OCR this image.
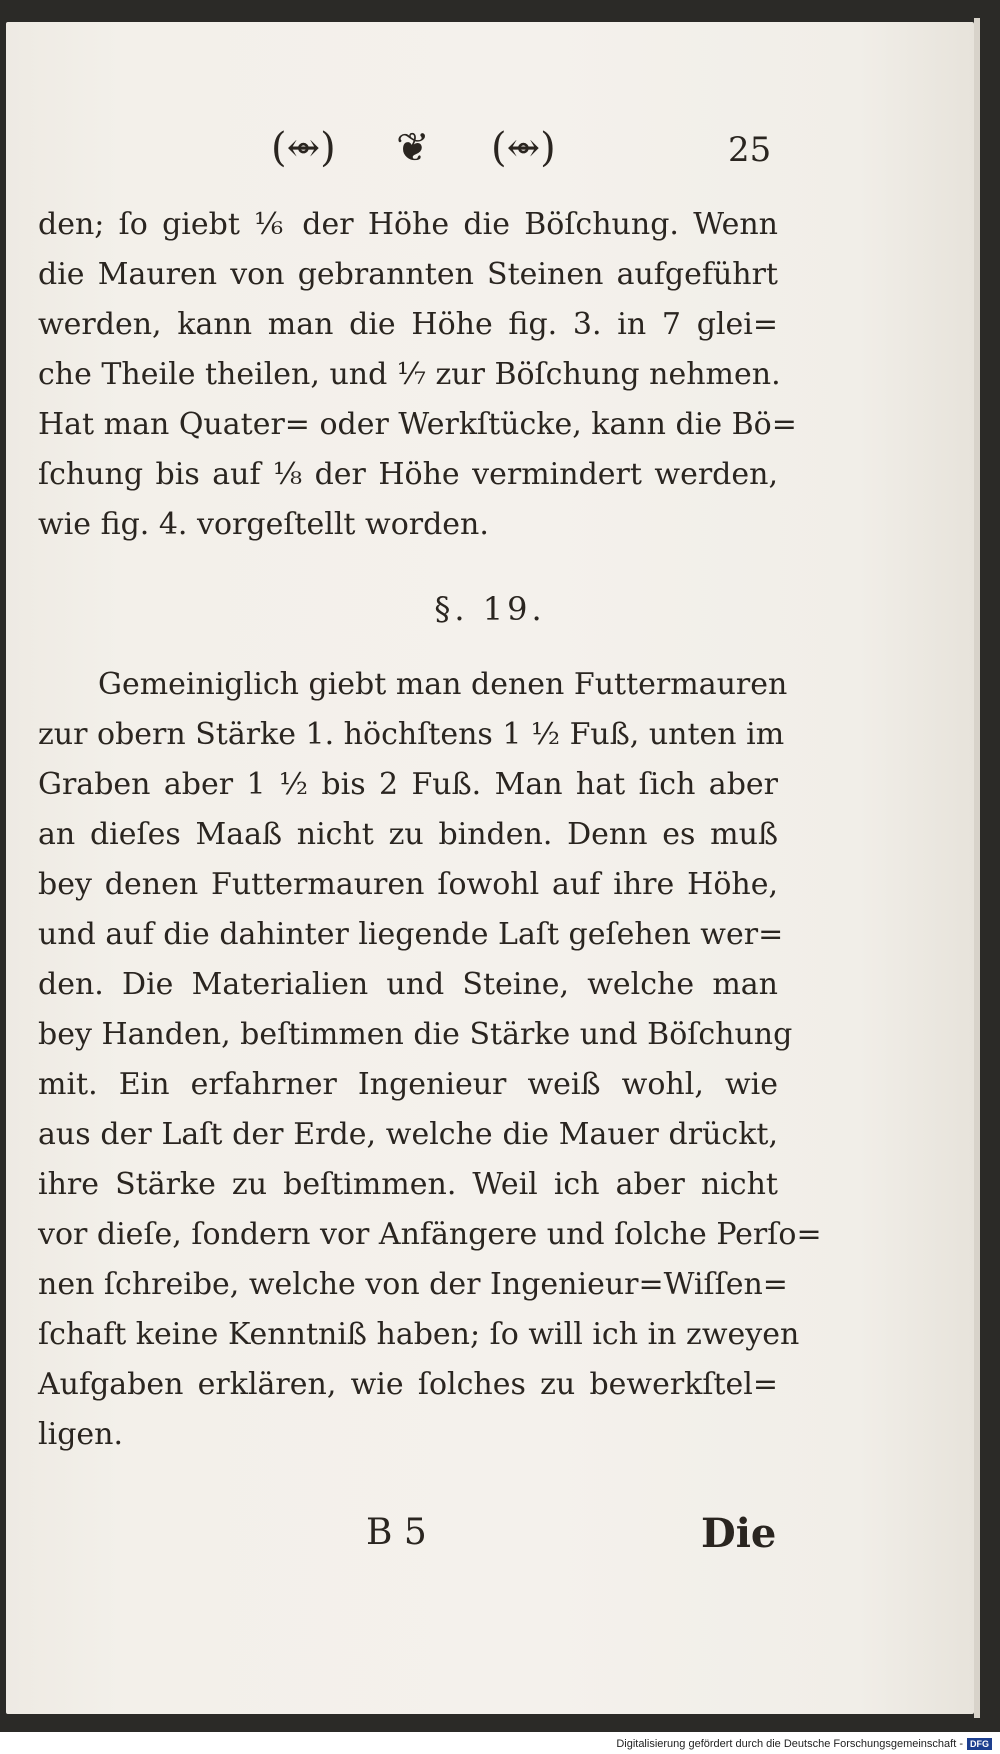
(⥈) ❦ (⥈)	25
den; ſo giebt ⅙ der Höhe die Böſchung. Wenn
die Mauren von gebrannten Steinen aufgeführt
werden, kann man die Höhe fig. 3. in 7 glei=
che Theile theilen, und ⅐ zur Böſchung nehmen.
Hat man Quater= oder Werkſtücke, kann die Bö=
ſchung bis auf ⅛ der Höhe vermindert werden,
wie fig. 4. vorgeſtellt worden.
§. 19.
Gemeiniglich giebt man denen Futtermauren
zur obern Stärke 1. höchſtens 1 ½ Fuß, unten im
Graben aber 1 ½ bis 2 Fuß. Man hat ſich aber
an dieſes Maaß nicht zu binden. Denn es muß
bey denen Futtermauren ſowohl auf ihre Höhe,
und auf die dahinter liegende Laſt geſehen wer=
den. Die Materialien und Steine, welche man
bey Handen, beſtimmen die Stärke und Böſchung
mit. Ein erfahrner Ingenieur weiß wohl, wie
aus der Laſt der Erde, welche die Mauer drückt,
ihre Stärke zu beſtimmen. Weil ich aber nicht
vor dieſe, ſondern vor Anfängere und ſolche Perſo=
nen ſchreibe, welche von der Ingenieur=Wiſſen=
ſchaft keine Kenntniß haben; ſo will ich in zweyen
Aufgaben erklären, wie ſolches zu bewerkſtel=
ligen.
B 5	Die
Digitalisierung gefördert durch die Deutsche Forschungsgemeinschaft - DFG
